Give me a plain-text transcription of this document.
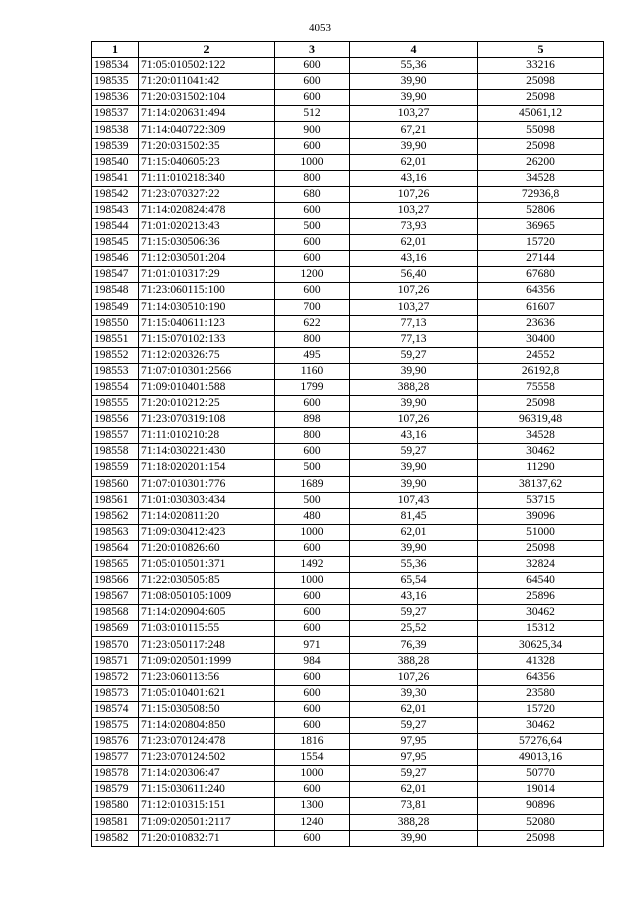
4053
1	2	3	4	5
198534	71:05:010502:122	600	55,36	33216
198535	71:20:011041:42	600	39,90	25098
198536	71:20:031502:104	600	39,90	25098
198537	71:14:020631:494	512	103,27	45061,12
198538	71:14:040722:309	900	67,21	55098
198539	71:20:031502:35	600	39,90	25098
198540	71:15:040605:23	1000	62,01	26200
198541	71:11:010218:340	800	43,16	34528
198542	71:23:070327:22	680	107,26	72936,8
198543	71:14:020824:478	600	103,27	52806
198544	71:01:020213:43	500	73,93	36965
198545	71:15:030506:36	600	62,01	15720
198546	71:12:030501:204	600	43,16	27144
198547	71:01:010317:29	1200	56,40	67680
198548	71:23:060115:100	600	107,26	64356
198549	71:14:030510:190	700	103,27	61607
198550	71:15:040611:123	622	77,13	23636
198551	71:15:070102:133	800	77,13	30400
198552	71:12:020326:75	495	59,27	24552
198553	71:07:010301:2566	1160	39,90	26192,8
198554	71:09:010401:588	1799	388,28	75558
198555	71:20:010212:25	600	39,90	25098
198556	71:23:070319:108	898	107,26	96319,48
198557	71:11:010210:28	800	43,16	34528
198558	71:14:030221:430	600	59,27	30462
198559	71:18:020201:154	500	39,90	11290
198560	71:07:010301:776	1689	39,90	38137,62
198561	71:01:030303:434	500	107,43	53715
198562	71:14:020811:20	480	81,45	39096
198563	71:09:030412:423	1000	62,01	51000
198564	71:20:010826:60	600	39,90	25098
198565	71:05:010501:371	1492	55,36	32824
198566	71:22:030505:85	1000	65,54	64540
198567	71:08:050105:1009	600	43,16	25896
198568	71:14:020904:605	600	59,27	30462
198569	71:03:010115:55	600	25,52	15312
198570	71:23:050117:248	971	76,39	30625,34
198571	71:09:020501:1999	984	388,28	41328
198572	71:23:060113:56	600	107,26	64356
198573	71:05:010401:621	600	39,30	23580
198574	71:15:030508:50	600	62,01	15720
198575	71:14:020804:850	600	59,27	30462
198576	71:23:070124:478	1816	97,95	57276,64
198577	71:23:070124:502	1554	97,95	49013,16
198578	71:14:020306:47	1000	59,27	50770
198579	71:15:030611:240	600	62,01	19014
198580	71:12:010315:151	1300	73,81	90896
198581	71:09:020501:2117	1240	388,28	52080
198582	71:20:010832:71	600	39,90	25098
